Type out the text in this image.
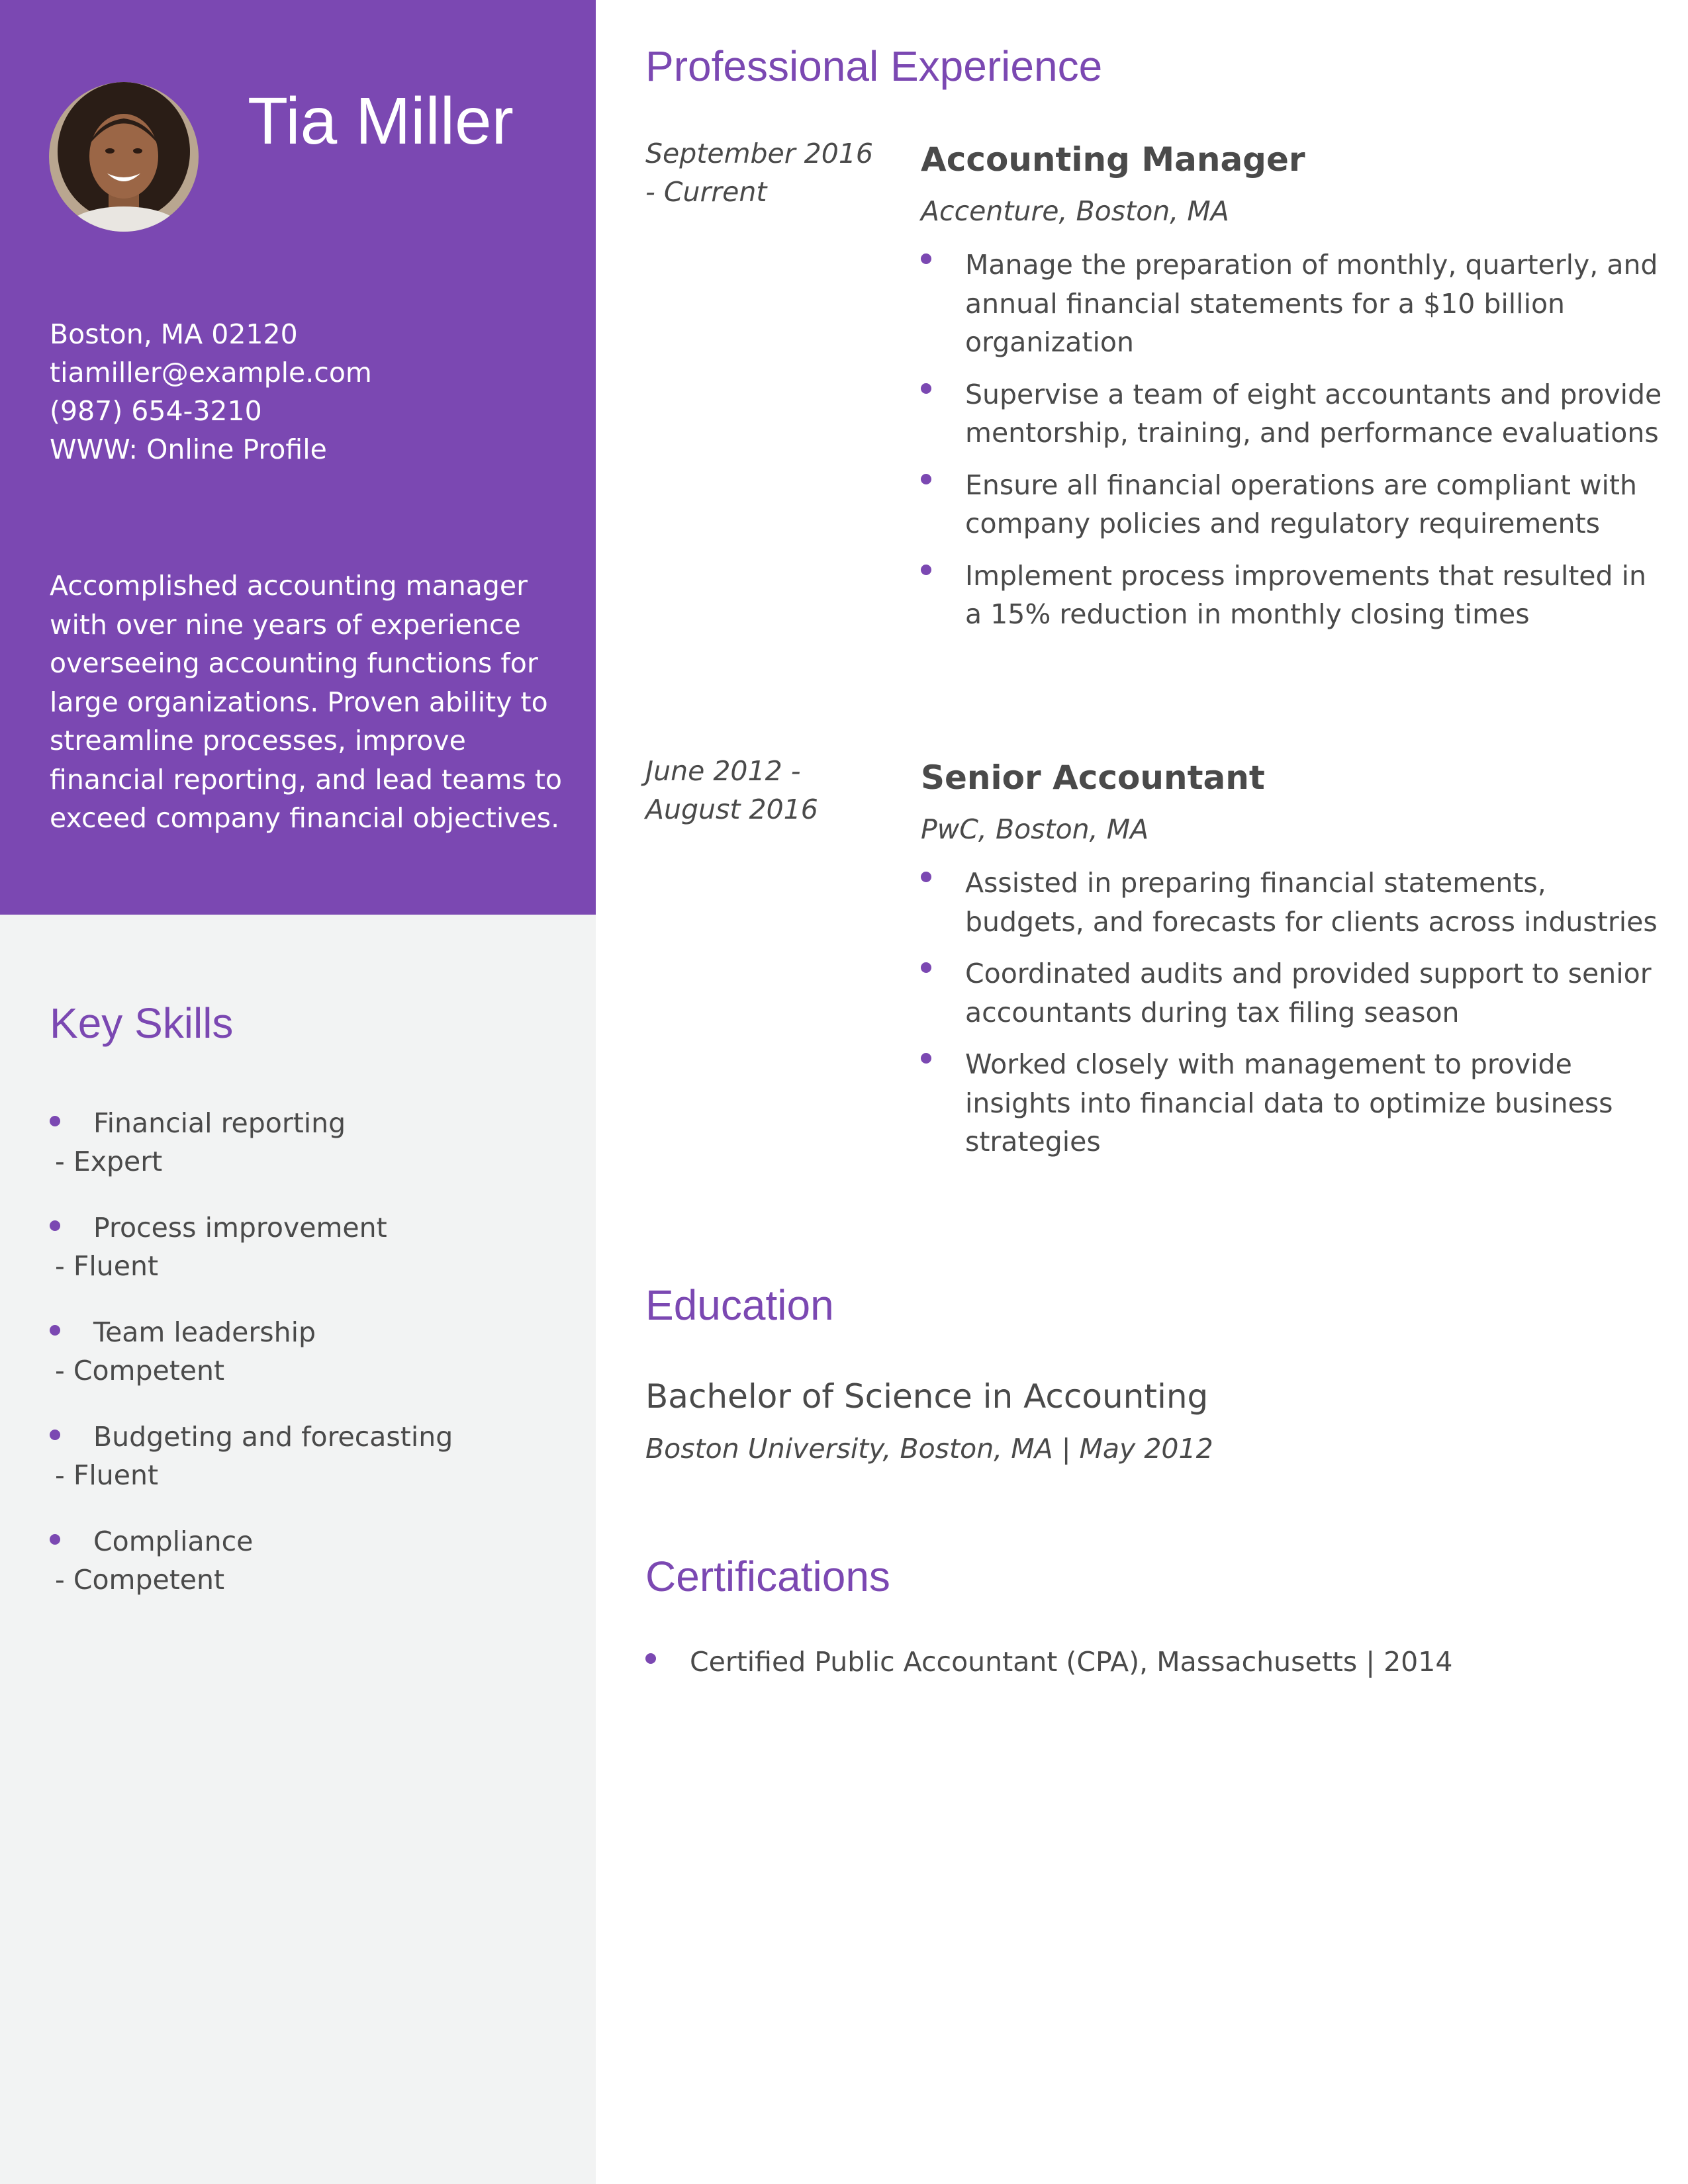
Tia Miller
Boston, MA 02120
tiamiller@example.com
(987) 654-3210
WWW: Online Profile
Accomplished accounting manager with over nine years of experience overseeing accounting functions for large organizations. Proven ability to streamline processes, improve financial reporting, and lead teams to exceed company financial objectives.
Key Skills
Financial reporting
- Expert
Process improvement
- Fluent
Team leadership
- Competent
Budgeting and forecasting
- Fluent
Compliance
- Competent
Professional Experience
September 2016
- Current
Accounting Manager
Accenture, Boston, MA
Manage the preparation of monthly, quarterly, and annual financial statements for a $10 billion organization
Supervise a team of eight accountants and provide mentorship, training, and performance evaluations
Ensure all financial operations are compliant with company policies and regulatory requirements
Implement process improvements that resulted in a 15% reduction in monthly closing times
June 2012 -
August 2016
Senior Accountant
PwC, Boston, MA
Assisted in preparing financial statements, budgets, and forecasts for clients across industries
Coordinated audits and provided support to senior accountants during tax filing season
Worked closely with management to provide insights into financial data to optimize business strategies
Education
Bachelor of Science in Accounting
Boston University, Boston, MA | May 2012
Certifications
Certified Public Accountant (CPA), Massachusetts | 2014
